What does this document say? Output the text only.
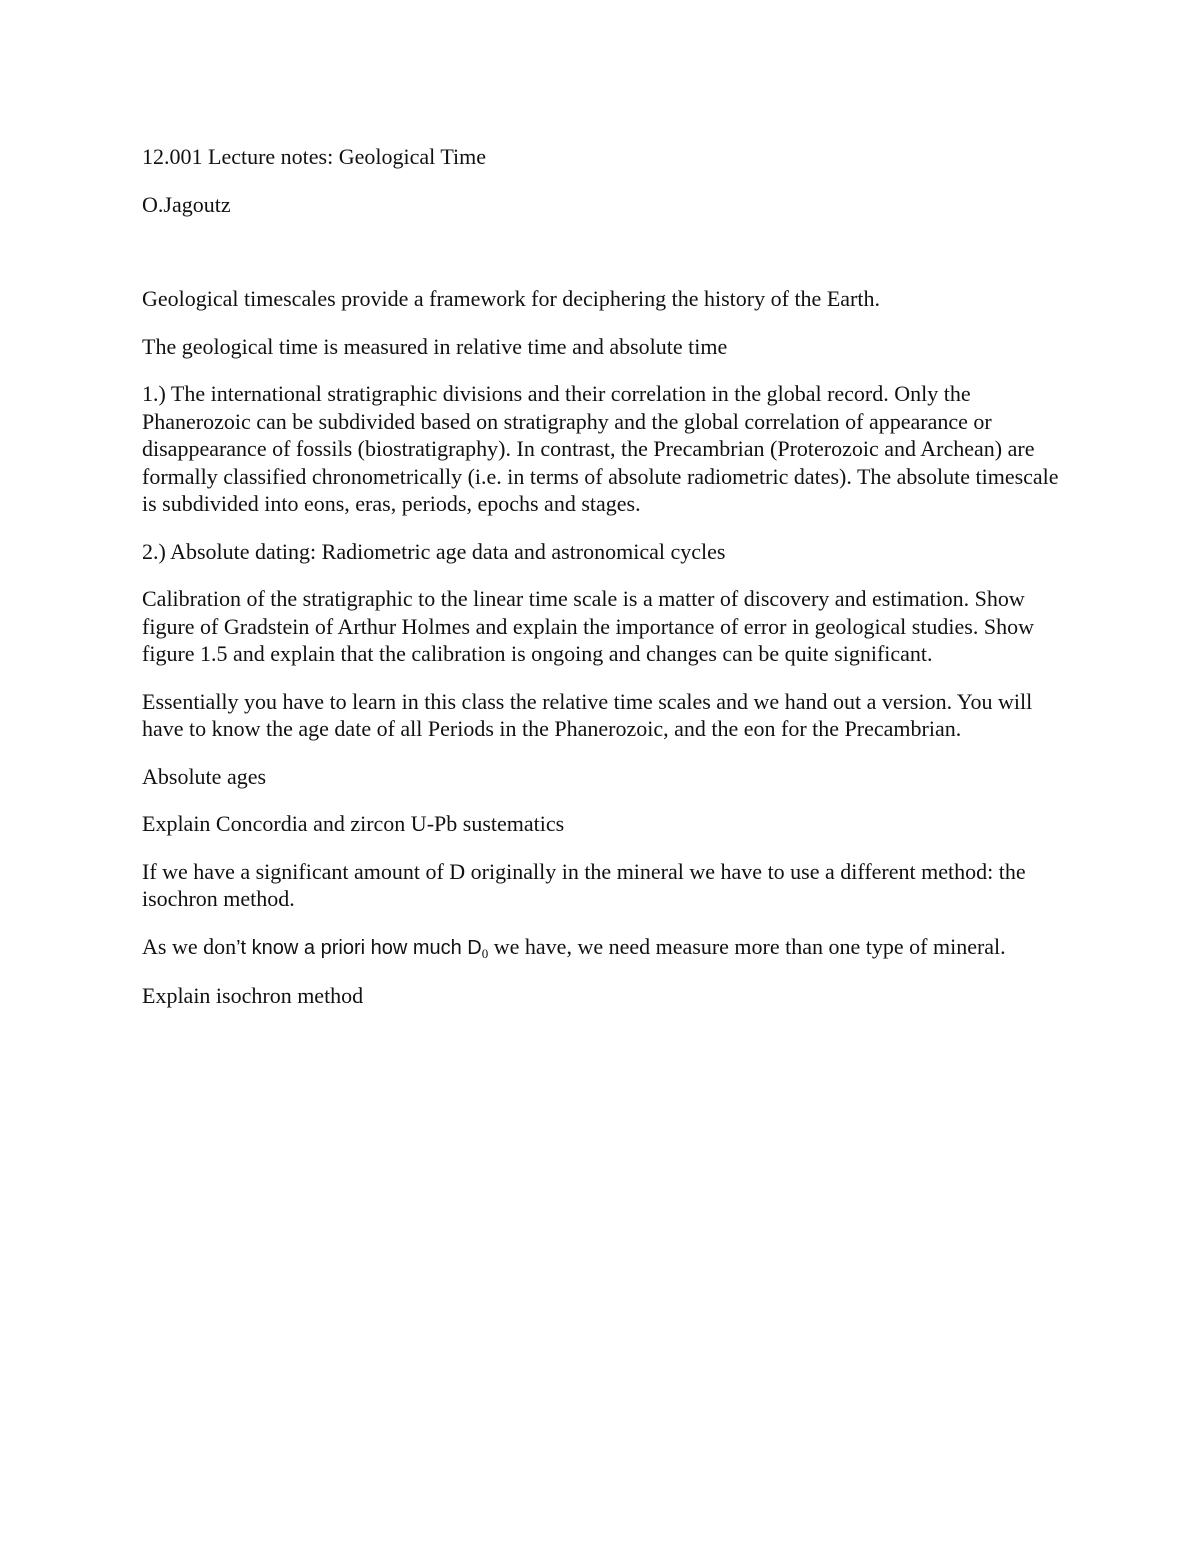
12.001 Lecture notes: Geological Time

O.Jagoutz

Geological timescales provide a framework for deciphering the history of the Earth.

The geological time is measured in relative time and absolute time

1.) The international stratigraphic divisions and their correlation in the global record. Only the Phanerozoic can be subdivided based on stratigraphy and the global correlation of appearance or disappearance of fossils (biostratigraphy). In contrast, the Precambrian (Proterozoic and Archean) are formally classified chronometrically (i.e. in terms of absolute radiometric dates). The absolute timescale is subdivided into eons, eras, periods, epochs and stages.

2.) Absolute dating: Radiometric age data and astronomical cycles

Calibration of the stratigraphic to the linear time scale is a matter of discovery and estimation. Show figure of Gradstein of Arthur Holmes and explain the importance of error in geological studies. Show figure 1.5 and explain that the calibration is ongoing and changes can be quite significant.

Essentially you have to learn in this class the relative time scales and we hand out a version. You will have to know the age date of all Periods in the Phanerozoic, and the eon for the Precambrian.

Absolute ages

Explain Concordia and zircon U-Pb sustematics

If we have a significant amount of D originally in the mineral we have to use a different method: the isochron method.

As we don’t know a priori how much $D_0$ we have, we need measure more than one type of mineral.

Explain isochron method
